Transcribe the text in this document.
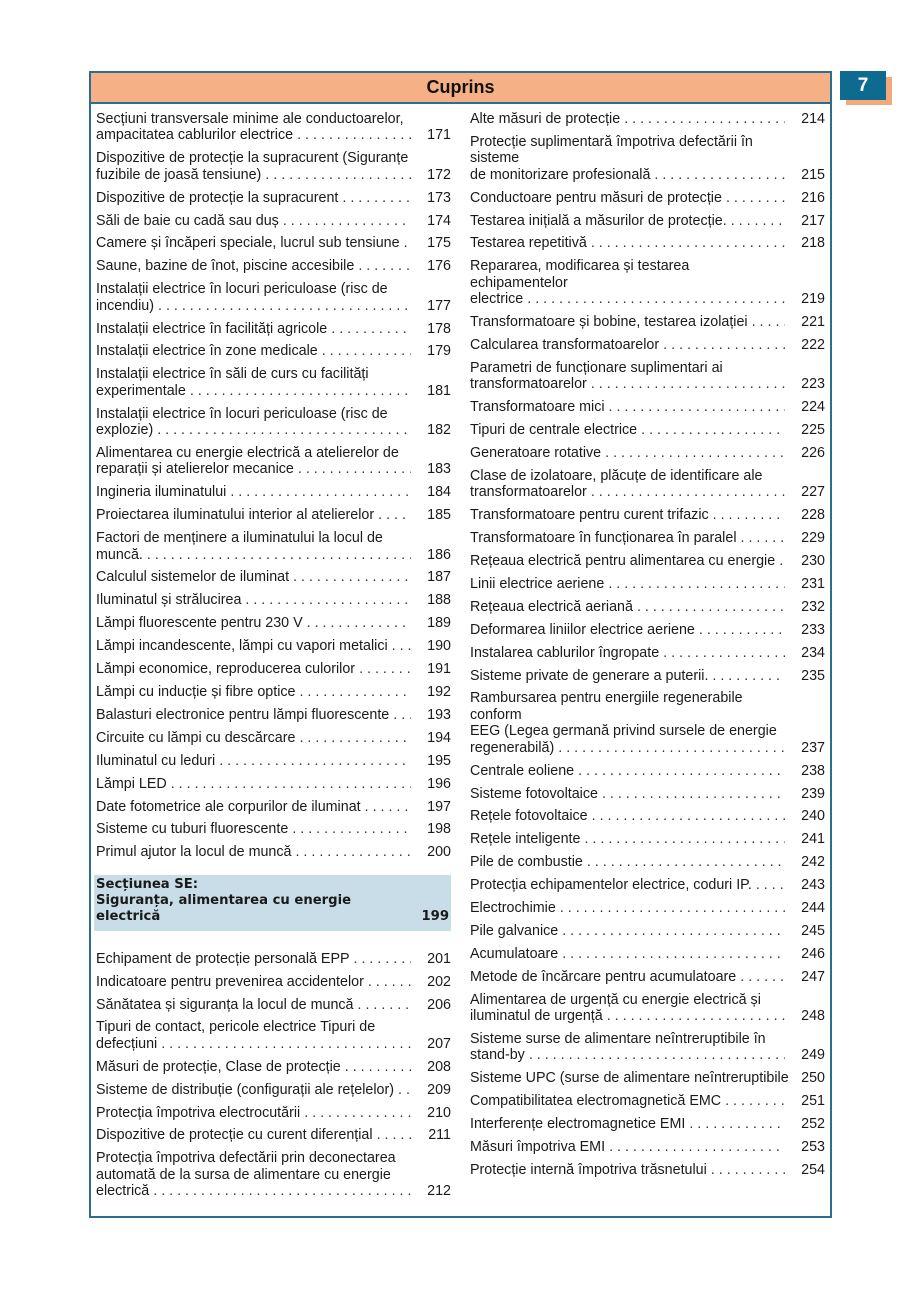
7
Cuprins
Secțiuni transversale minime ale conductoarelor,
ampacitatea cablurilor electrice . . .	171
Dispozitive de protecție la supracurent (Siguranțe
fuzibile de joasă tensiune) . . .	172
Dispozitive de protecție la supracurent . . .	173
Săli de baie cu cadă sau duș . . .	174
Camere și încăperi speciale, lucrul sub tensiune . . .	175
Saune, bazine de înot, piscine accesibile . . .	176
Instalații electrice în locuri periculoase (risc de
incendiu) . . .	177
Instalații electrice în facilități agricole . . .	178
Instalații electrice în zone medicale . . .	179
Instalații electrice în săli de curs cu facilități
experimentale . . .	181
Instalații electrice în locuri periculoase (risc de
explozie) . . .	182
Alimentarea cu energie electrică a atelierelor de
reparații și atelierelor mecanice . . .	183
Ingineria iluminatului . . .	184
Proiectarea iluminatului interior al atelierelor . . .	185
Factori de menținere a iluminatului la locul de
muncă. . . .	186
Calculul sistemelor de iluminat . . .	187
Iluminatul și strălucirea . . .	188
Lămpi fluorescente pentru 230 V . . .	189
Lămpi incandescente, lămpi cu vapori metalici . . .	190
Lămpi economice, reproducerea culorilor . . .	191
Lămpi cu inducție și fibre optice . . .	192
Balasturi electronice pentru lămpi fluorescente . . .	193
Circuite cu lămpi cu descărcare . . .	194
Iluminatul cu leduri . . .	195
Lămpi LED . . .	196
Date fotometrice ale corpurilor de iluminat . . .	197
Sisteme cu tuburi fluorescente . . .	198
Primul ajutor la locul de muncă . . .	200
Secțiunea SE:
Siguranța, alimentarea cu energie electrică	199
Echipament de protecție personală EPP . . .	201
Indicatoare pentru prevenirea accidentelor . . .	202
Sănătatea și siguranța la locul de muncă . . .	206
Tipuri de contact, pericole electrice Tipuri de
defecțiuni . . .	207
Măsuri de protecție, Clase de protecție . . .	208
Sisteme de distribuție (configurații ale rețelelor) . . .	209
Protecția împotriva electrocutării . . .	210
Dispozitive de protecție cu curent diferențial . . .	211
Protecția împotriva defectării prin deconectarea
automată de la sursa de alimentare cu energie
electrică . . .	212
Alte măsuri de protecție . . .	214
Protecție suplimentară împotriva defectării în sisteme
de monitorizare profesională . . .	215
Conductoare pentru măsuri de protecție . . .	216
Testarea inițială a măsurilor de protecție. . . .	217
Testarea repetitivă . . .	218
Repararea, modificarea și testarea echipamentelor
electrice . . .	219
Transformatoare și bobine, testarea izolației . . .	221
Calcularea transformatoarelor . . .	222
Parametri de funcționare suplimentari ai
transformatoarelor . . .	223
Transformatoare mici . . .	224
Tipuri de centrale electrice . . .	225
Generatoare rotative . . .	226
Clase de izolatoare, plăcuțe de identificare ale
transformatoarelor . . .	227
Transformatoare pentru curent trifazic . . .	228
Transformatoare în funcționarea în paralel . . .	229
Rețeaua electrică pentru alimentarea cu energie . . .	230
Linii electrice aeriene . . .	231
Rețeaua electrică aeriană . . .	232
Deformarea liniilor electrice aeriene . . .	233
Instalarea cablurilor îngropate . . .	234
Sisteme private de generare a puterii. . . .	235
Rambursarea pentru energiile regenerabile conform
EEG (Legea germană privind sursele de energie
regenerabilă) . . .	237
Centrale eoliene . . .	238
Sisteme fotovoltaice . . .	239
Rețele fotovoltaice . . .	240
Rețele inteligente . . .	241
Pile de combustie . . .	242
Protecția echipamentelor electrice, coduri IP. . . .	243
Electrochimie . . .	244
Pile galvanice . . .	245
Acumulatoare . . .	246
Metode de încărcare pentru acumulatoare . . .	247
Alimentarea de urgență cu energie electrică și
iluminatul de urgență . . .	248
Sisteme surse de alimentare neîntreruptibile în
stand-by . . .	249
Sisteme UPC (surse de alimentare neîntreruptibile 250
Compatibilitatea electromagnetică EMC . . .	251
Interferențe electromagnetice EMI . . .	252
Măsuri împotriva EMI . . .	253
Protecție internă împotriva trăsnetului . . .	254
